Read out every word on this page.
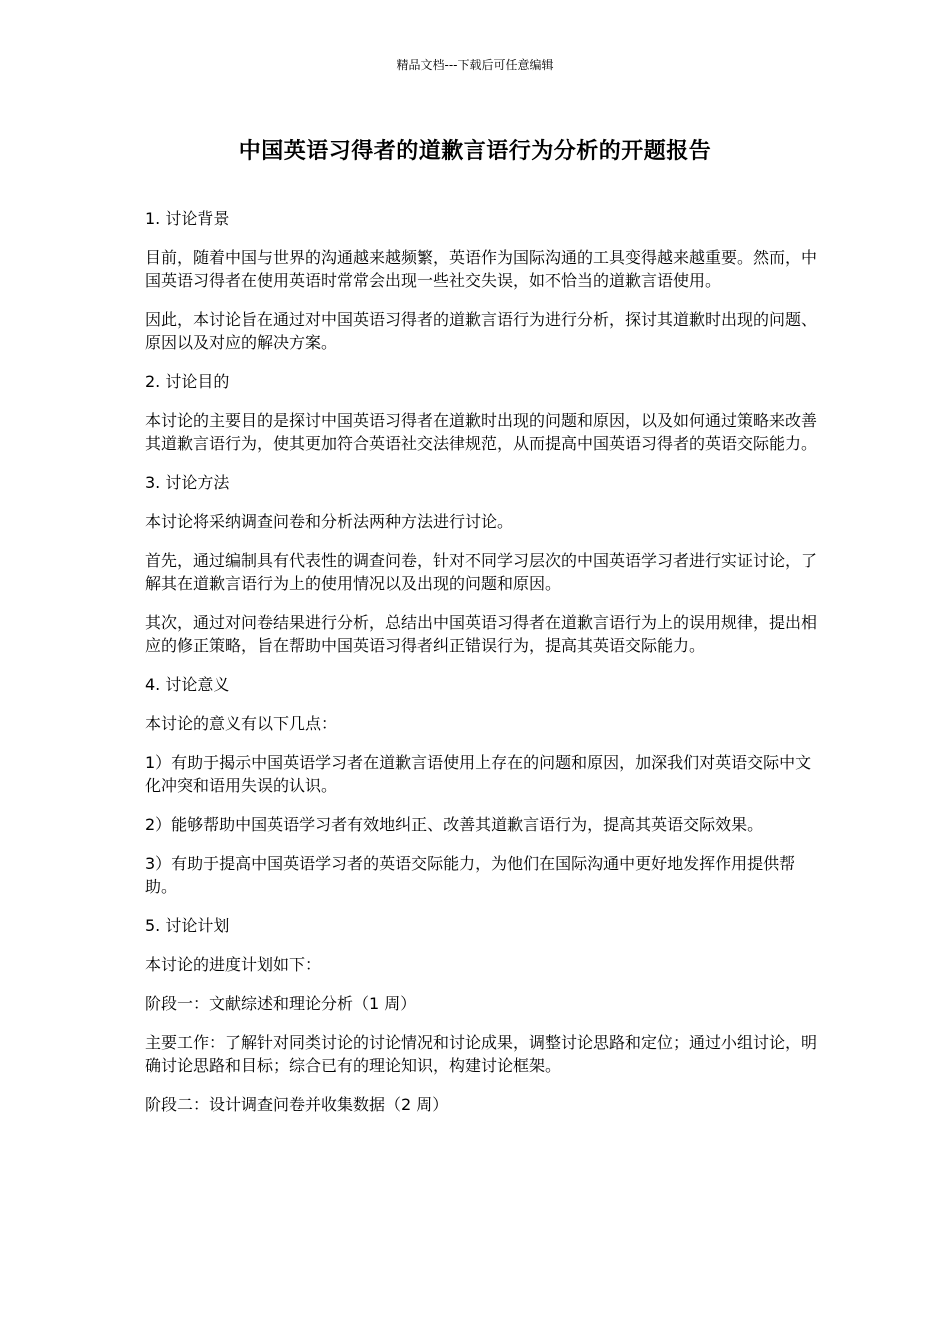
精品文档---下载后可任意编辑
中国英语习得者的道歉言语行为分析的开题报告

1. 讨论背景

目前，随着中国与世界的沟通越来越频繁，英语作为国际沟通的工具变得越来越重要。然而，中国英语习得者在使用英语时常常会出现一些社交失误，如不恰当的道歉言语使用。

因此，本讨论旨在通过对中国英语习得者的道歉言语行为进行分析，探讨其道歉时出现的问题、原因以及对应的解决方案。

2. 讨论目的

本讨论的主要目的是探讨中国英语习得者在道歉时出现的问题和原因，以及如何通过策略来改善其道歉言语行为，使其更加符合英语社交法律规范，从而提高中国英语习得者的英语交际能力。

3. 讨论方法

本讨论将采纳调查问卷和分析法两种方法进行讨论。

首先，通过编制具有代表性的调查问卷，针对不同学习层次的中国英语学习者进行实证讨论，了解其在道歉言语行为上的使用情况以及出现的问题和原因。

其次，通过对问卷结果进行分析，总结出中国英语习得者在道歉言语行为上的误用规律，提出相应的修正策略，旨在帮助中国英语习得者纠正错误行为，提高其英语交际能力。

4. 讨论意义

本讨论的意义有以下几点：

1）有助于揭示中国英语学习者在道歉言语使用上存在的问题和原因，加深我们对英语交际中文化冲突和语用失误的认识。

2）能够帮助中国英语学习者有效地纠正、改善其道歉言语行为，提高其英语交际效果。

3）有助于提高中国英语学习者的英语交际能力，为他们在国际沟通中更好地发挥作用提供帮助。

5. 讨论计划

本讨论的进度计划如下：

阶段一：文献综述和理论分析（1 周）

主要工作：了解针对同类讨论的讨论情况和讨论成果，调整讨论思路和定位；通过小组讨论，明确讨论思路和目标；综合已有的理论知识，构建讨论框架。

阶段二：设计调查问卷并收集数据（2 周）
